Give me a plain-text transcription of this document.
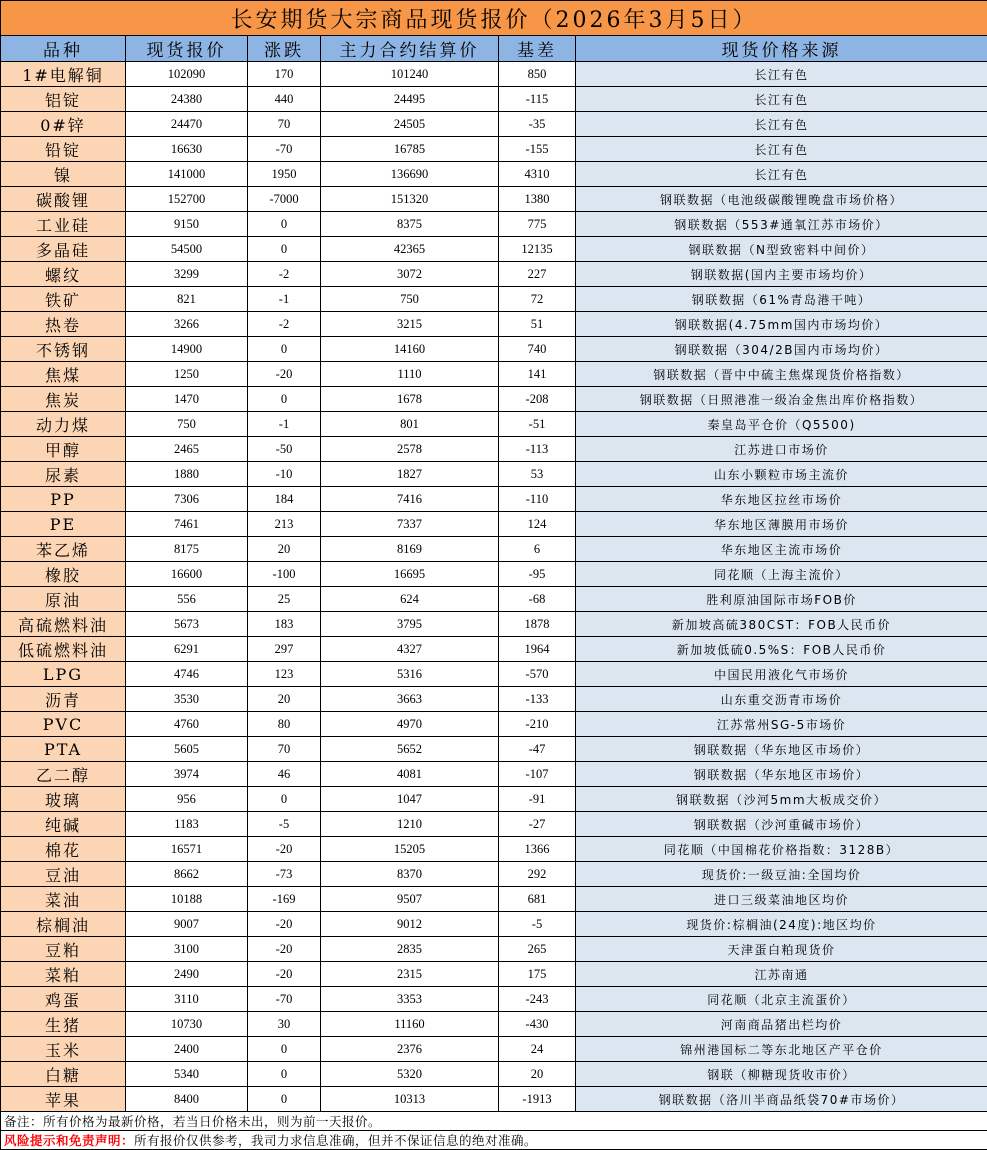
长安期货大宗商品现货报价（2026年3月5日）					
品种	现货报价	涨跌	主力合约结算价	基差	现货价格来源
1#电解铜	102090	170	101240	850	长江有色
铝锭	24380	440	24495	-115	长江有色
0#锌	24470	70	24505	-35	长江有色
铅锭	16630	-70	16785	-155	长江有色
镍	141000	1950	136690	4310	长江有色
碳酸锂	152700	-7000	151320	1380	钢联数据（电池级碳酸锂晚盘市场价格）
工业硅	9150	0	8375	775	钢联数据（553#通氧江苏市场价）
多晶硅	54500	0	42365	12135	钢联数据（N型致密料中间价）
螺纹	3299	-2	3072	227	钢联数据(国内主要市场均价）
铁矿	821	-1	750	72	钢联数据（61%青岛港干吨）
热卷	3266	-2	3215	51	钢联数据(4.75mm国内市场均价）
不锈钢	14900	0	14160	740	钢联数据（304/2B国内市场均价）
焦煤	1250	-20	1110	141	钢联数据（晋中中硫主焦煤现货价格指数）
焦炭	1470	0	1678	-208	钢联数据（日照港准一级冶金焦出库价格指数）
动力煤	750	-1	801	-51	秦皇岛平仓价（Q5500)
甲醇	2465	-50	2578	-113	江苏进口市场价
尿素	1880	-10	1827	53	山东小颗粒市场主流价
PP	7306	184	7416	-110	华东地区拉丝市场价
PE	7461	213	7337	124	华东地区薄膜用市场价
苯乙烯	8175	20	8169	6	华东地区主流市场价
橡胶	16600	-100	16695	-95	同花顺（上海主流价）
原油	556	25	624	-68	胜利原油国际市场FOB价
高硫燃料油	5673	183	3795	1878	新加坡高硫380CST：FOB人民币价
低硫燃料油	6291	297	4327	1964	新加坡低硫0.5%S：FOB人民币价
LPG	4746	123	5316	-570	中国民用液化气市场价
沥青	3530	20	3663	-133	山东重交沥青市场价
PVC	4760	80	4970	-210	江苏常州SG-5市场价
PTA	5605	70	5652	-47	钢联数据（华东地区市场价）
乙二醇	3974	46	4081	-107	钢联数据（华东地区市场价）
玻璃	956	0	1047	-91	钢联数据（沙河5mm大板成交价）
纯碱	1183	-5	1210	-27	钢联数据（沙河重碱市场价）
棉花	16571	-20	15205	1366	同花顺（中国棉花价格指数：3128B）
豆油	8662	-73	8370	292	现货价:一级豆油:全国均价
菜油	10188	-169	9507	681	进口三级菜油地区均价
棕榈油	9007	-20	9012	-5	现货价:棕榈油(24度):地区均价
豆粕	3100	-20	2835	265	天津蛋白粕现货价
菜粕	2490	-20	2315	175	江苏南通
鸡蛋	3110	-70	3353	-243	同花顺（北京主流蛋价）
生猪	10730	30	11160	-430	河南商品猪出栏均价
玉米	2400	0	2376	24	锦州港国标二等东北地区产平仓价
白糖	5340	0	5320	20	钢联（柳糖现货收市价）
苹果	8400	0	10313	-1913	钢联数据（洛川半商品纸袋70#市场价）
备注：所有价格为最新价格，若当日价格未出，则为前一天报价。					
风险提示和免责声明：所有报价仅供参考，我司力求信息准确，但并不保证信息的绝对准确。					
